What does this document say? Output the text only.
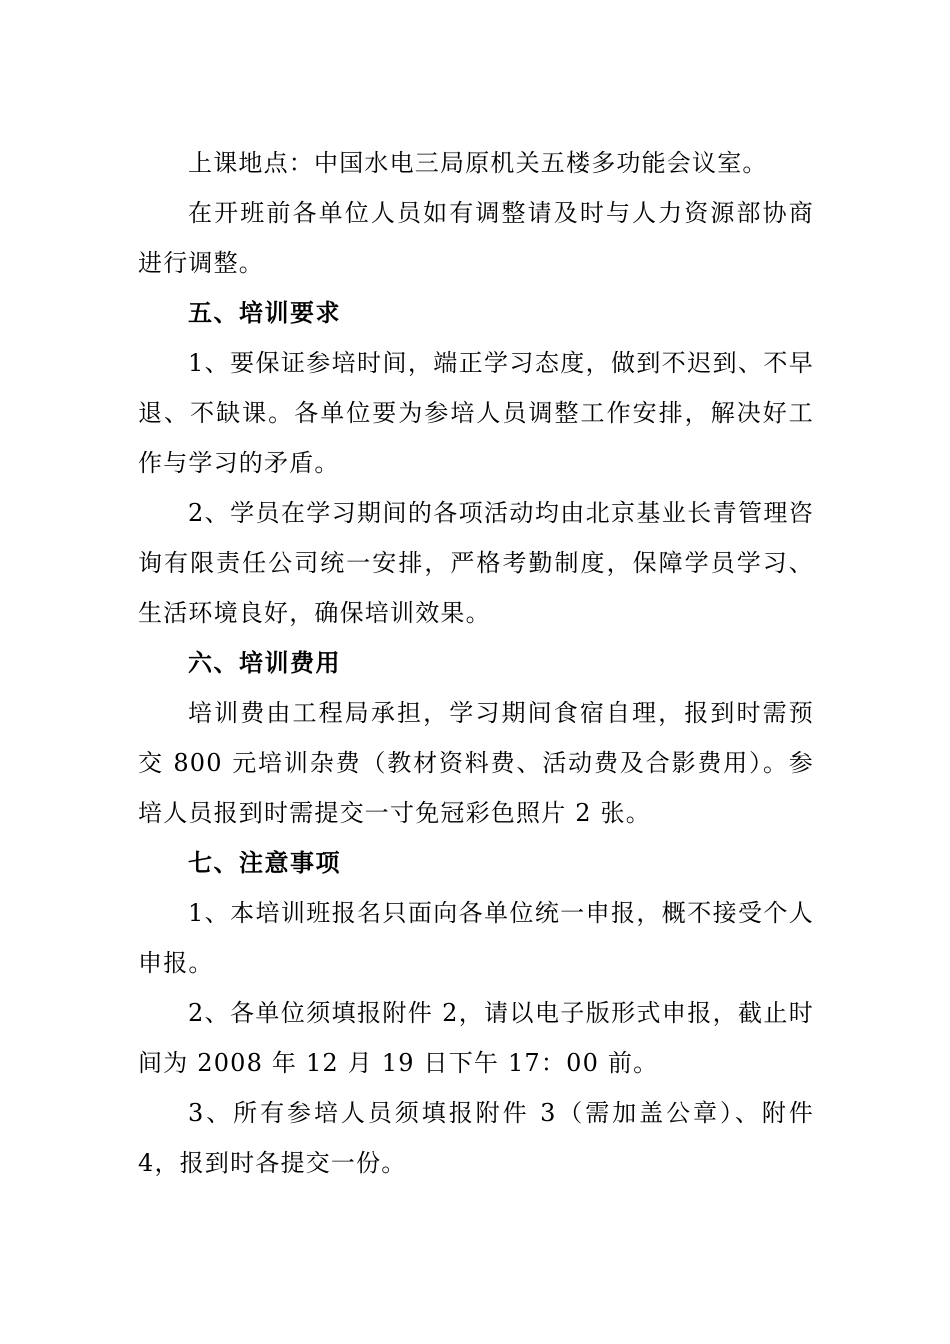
上课地点：中国水电三局原机关五楼多功能会议室。
在开班前各单位人员如有调整请及时与人力资源部协商
进行调整。
五、培训要求
1、要保证参培时间，端正学习态度，做到不迟到、不早
退、不缺课。各单位要为参培人员调整工作安排，解决好工
作与学习的矛盾。
2、学员在学习期间的各项活动均由北京基业长青管理咨
询有限责任公司统一安排，严格考勤制度，保障学员学习、
生活环境良好，确保培训效果。
六、培训费用
培训费由工程局承担，学习期间食宿自理，报到时需预
交 800 元培训杂费（教材资料费、活动费及合影费用）。参
培人员报到时需提交一寸免冠彩色照片 2 张。
七、注意事项
1、本培训班报名只面向各单位统一申报，概不接受个人
申报。
2、各单位须填报附件 2，请以电子版形式申报，截止时
间为 2008 年 12 月 19 日下午 17：00 前。
3、所有参培人员须填报附件 3（需加盖公章）、附件
4，报到时各提交一份。
